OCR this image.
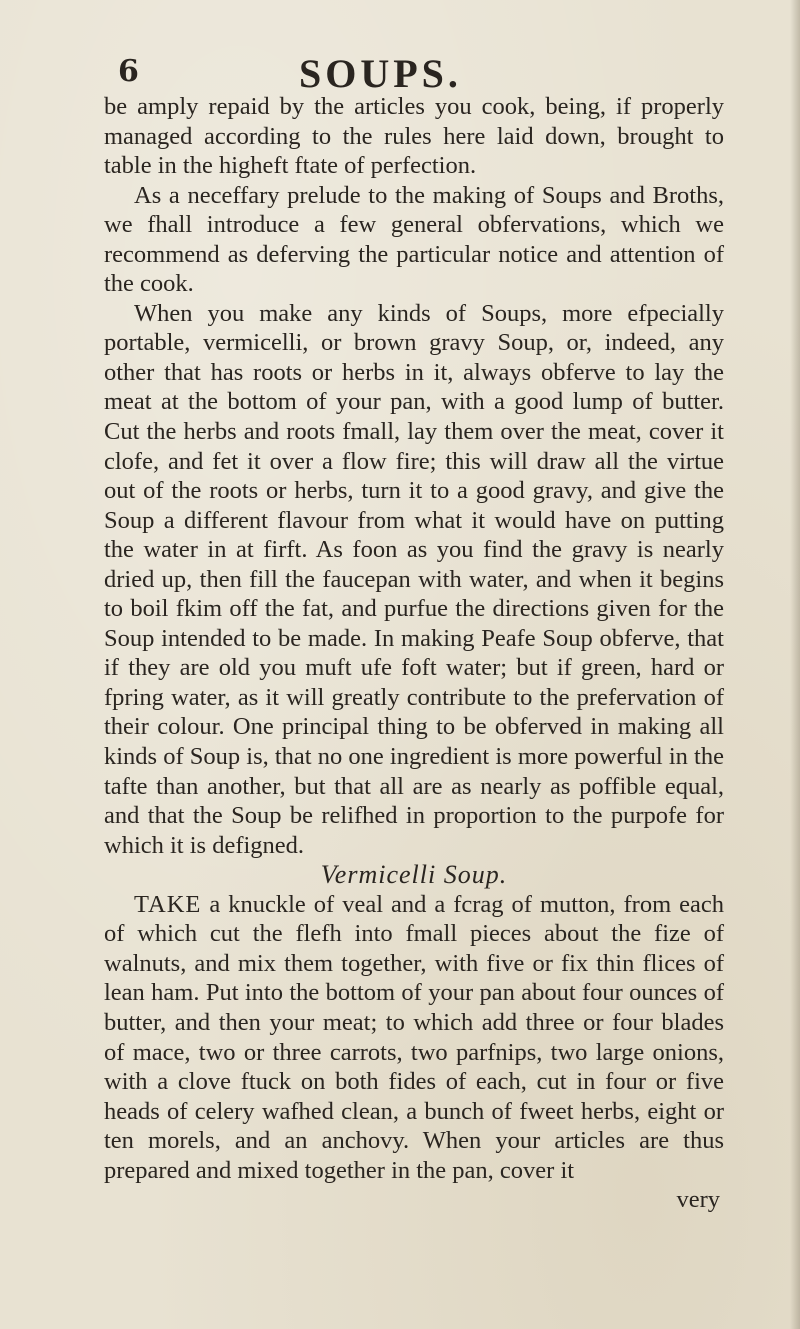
6	SOUPS.

be amply repaid by the articles you cook, being, if properly managed according to the rules here laid down, brought to table in the higheft ftate of perfection.

As a neceffary prelude to the making of Soups and Broths, we fhall introduce a few general obfervations, which we recommend as deferving the particular notice and attention of the cook.

When you make any kinds of Soups, more efpecially portable, vermicelli, or brown gravy Soup, or, indeed, any other that has roots or herbs in it, always obferve to lay the meat at the bottom of your pan, with a good lump of butter. Cut the herbs and roots fmall, lay them over the meat, cover it clofe, and fet it over a flow fire; this will draw all the virtue out of the roots or herbs, turn it to a good gravy, and give the Soup a different flavour from what it would have on putting the water in at firft. As foon as you find the gravy is nearly dried up, then fill the faucepan with water, and when it begins to boil fkim off the fat, and purfue the directions given for the Soup intended to be made. In making Peafe Soup obferve, that if they are old you muft ufe foft water; but if green, hard or fpring water, as it will greatly contribute to the prefervation of their colour. One principal thing to be obferved in making all kinds of Soup is, that no one ingredient is more powerful in the tafte than another, but that all are as nearly as poffible equal, and that the Soup be relifhed in proportion to the purpofe for which it is defigned.

Vermicelli Soup.

TAKE a knuckle of veal and a fcrag of mutton, from each of which cut the flefh into fmall pieces about the fize of walnuts, and mix them together, with five or fix thin flices of lean ham. Put into the bottom of your pan about four ounces of butter, and then your meat; to which add three or four blades of mace, two or three carrots, two parfnips, two large onions, with a clove ftuck on both fides of each, cut in four or five heads of celery wafhed clean, a bunch of fweet herbs, eight or ten morels, and an anchovy. When your articles are thus prepared and mixed together in the pan, cover it

very
